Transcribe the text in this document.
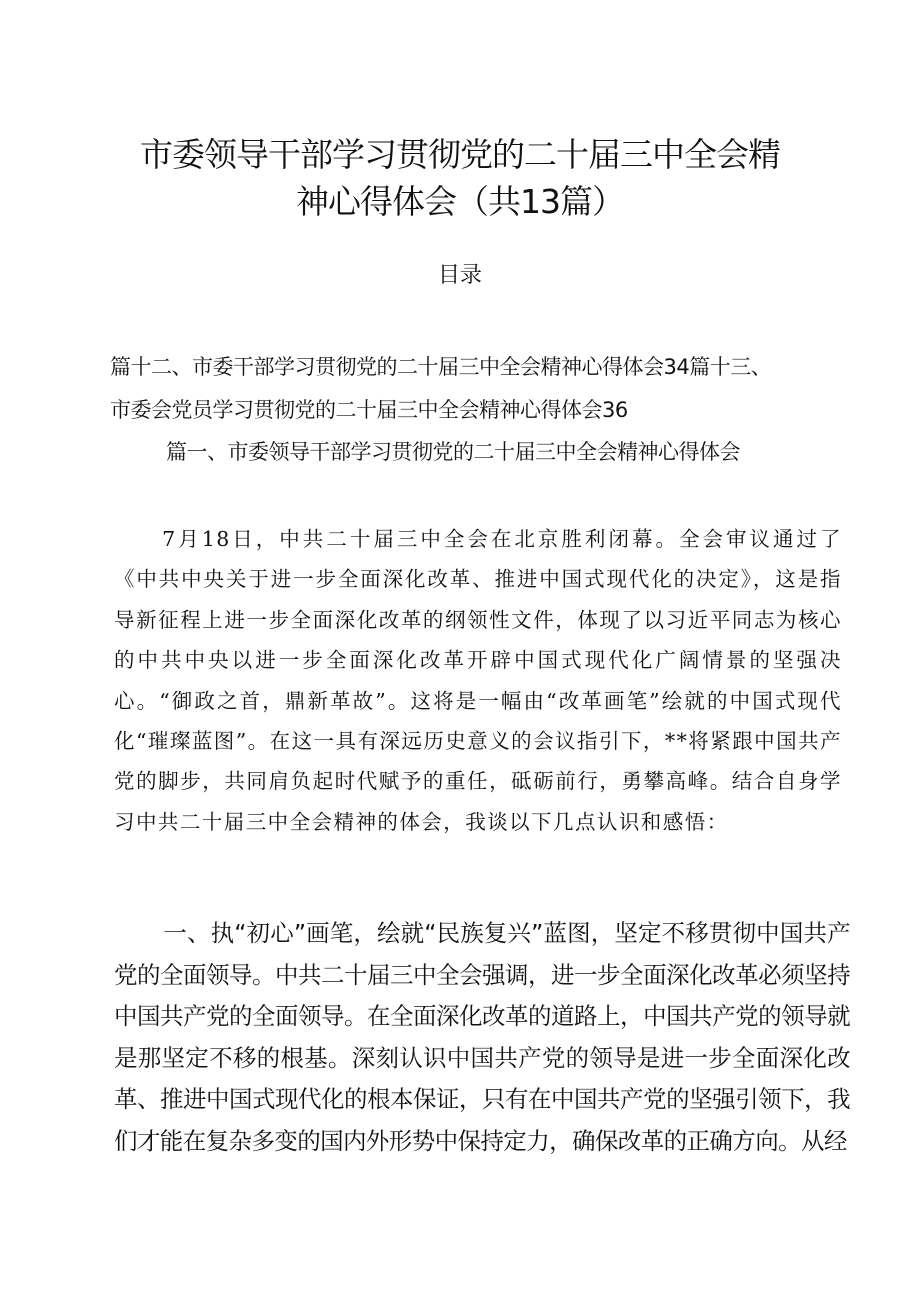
市委领导干部学习贯彻党的二十届三中全会精
神心得体会（共13篇）
目录
篇十二、市委干部学习贯彻党的二十届三中全会精神心得体会34篇十三、
市委会党员学习贯彻党的二十届三中全会精神心得体会36
篇一、市委领导干部学习贯彻党的二十届三中全会精神心得体会

7月18日，中共二十届三中全会在北京胜利闭幕。全会审议通过了《中共中央关于进一步全面深化改革、推进中国式现代化的决定》，这是指导新征程上进一步全面深化改革的纲领性文件，体现了以习近平同志为核心的中共中央以进一步全面深化改革开辟中国式现代化广阔情景的坚强决心。“御政之首，鼎新革故”。这将是一幅由“改革画笔”绘就的中国式现代化“璀璨蓝图”。在这一具有深远历史意义的会议指引下，**将紧跟中国共产党的脚步，共同肩负起时代赋予的重任，砥砺前行，勇攀高峰。结合自身学习中共二十届三中全会精神的体会，我谈以下几点认识和感悟：

一、执“初心”画笔，绘就“民族复兴”蓝图，坚定不移贯彻中国共产党的全面领导。中共二十届三中全会强调，进一步全面深化改革必须坚持中国共产党的全面领导。在全面深化改革的道路上，中国共产党的领导就是那坚定不移的根基。深刻认识中国共产党的领导是进一步全面深化改革、推进中国式现代化的根本保证，只有在中国共产党的坚强引领下，我们才能在复杂多变的国内外形势中保持定力，确保改革的正确方向。从经
